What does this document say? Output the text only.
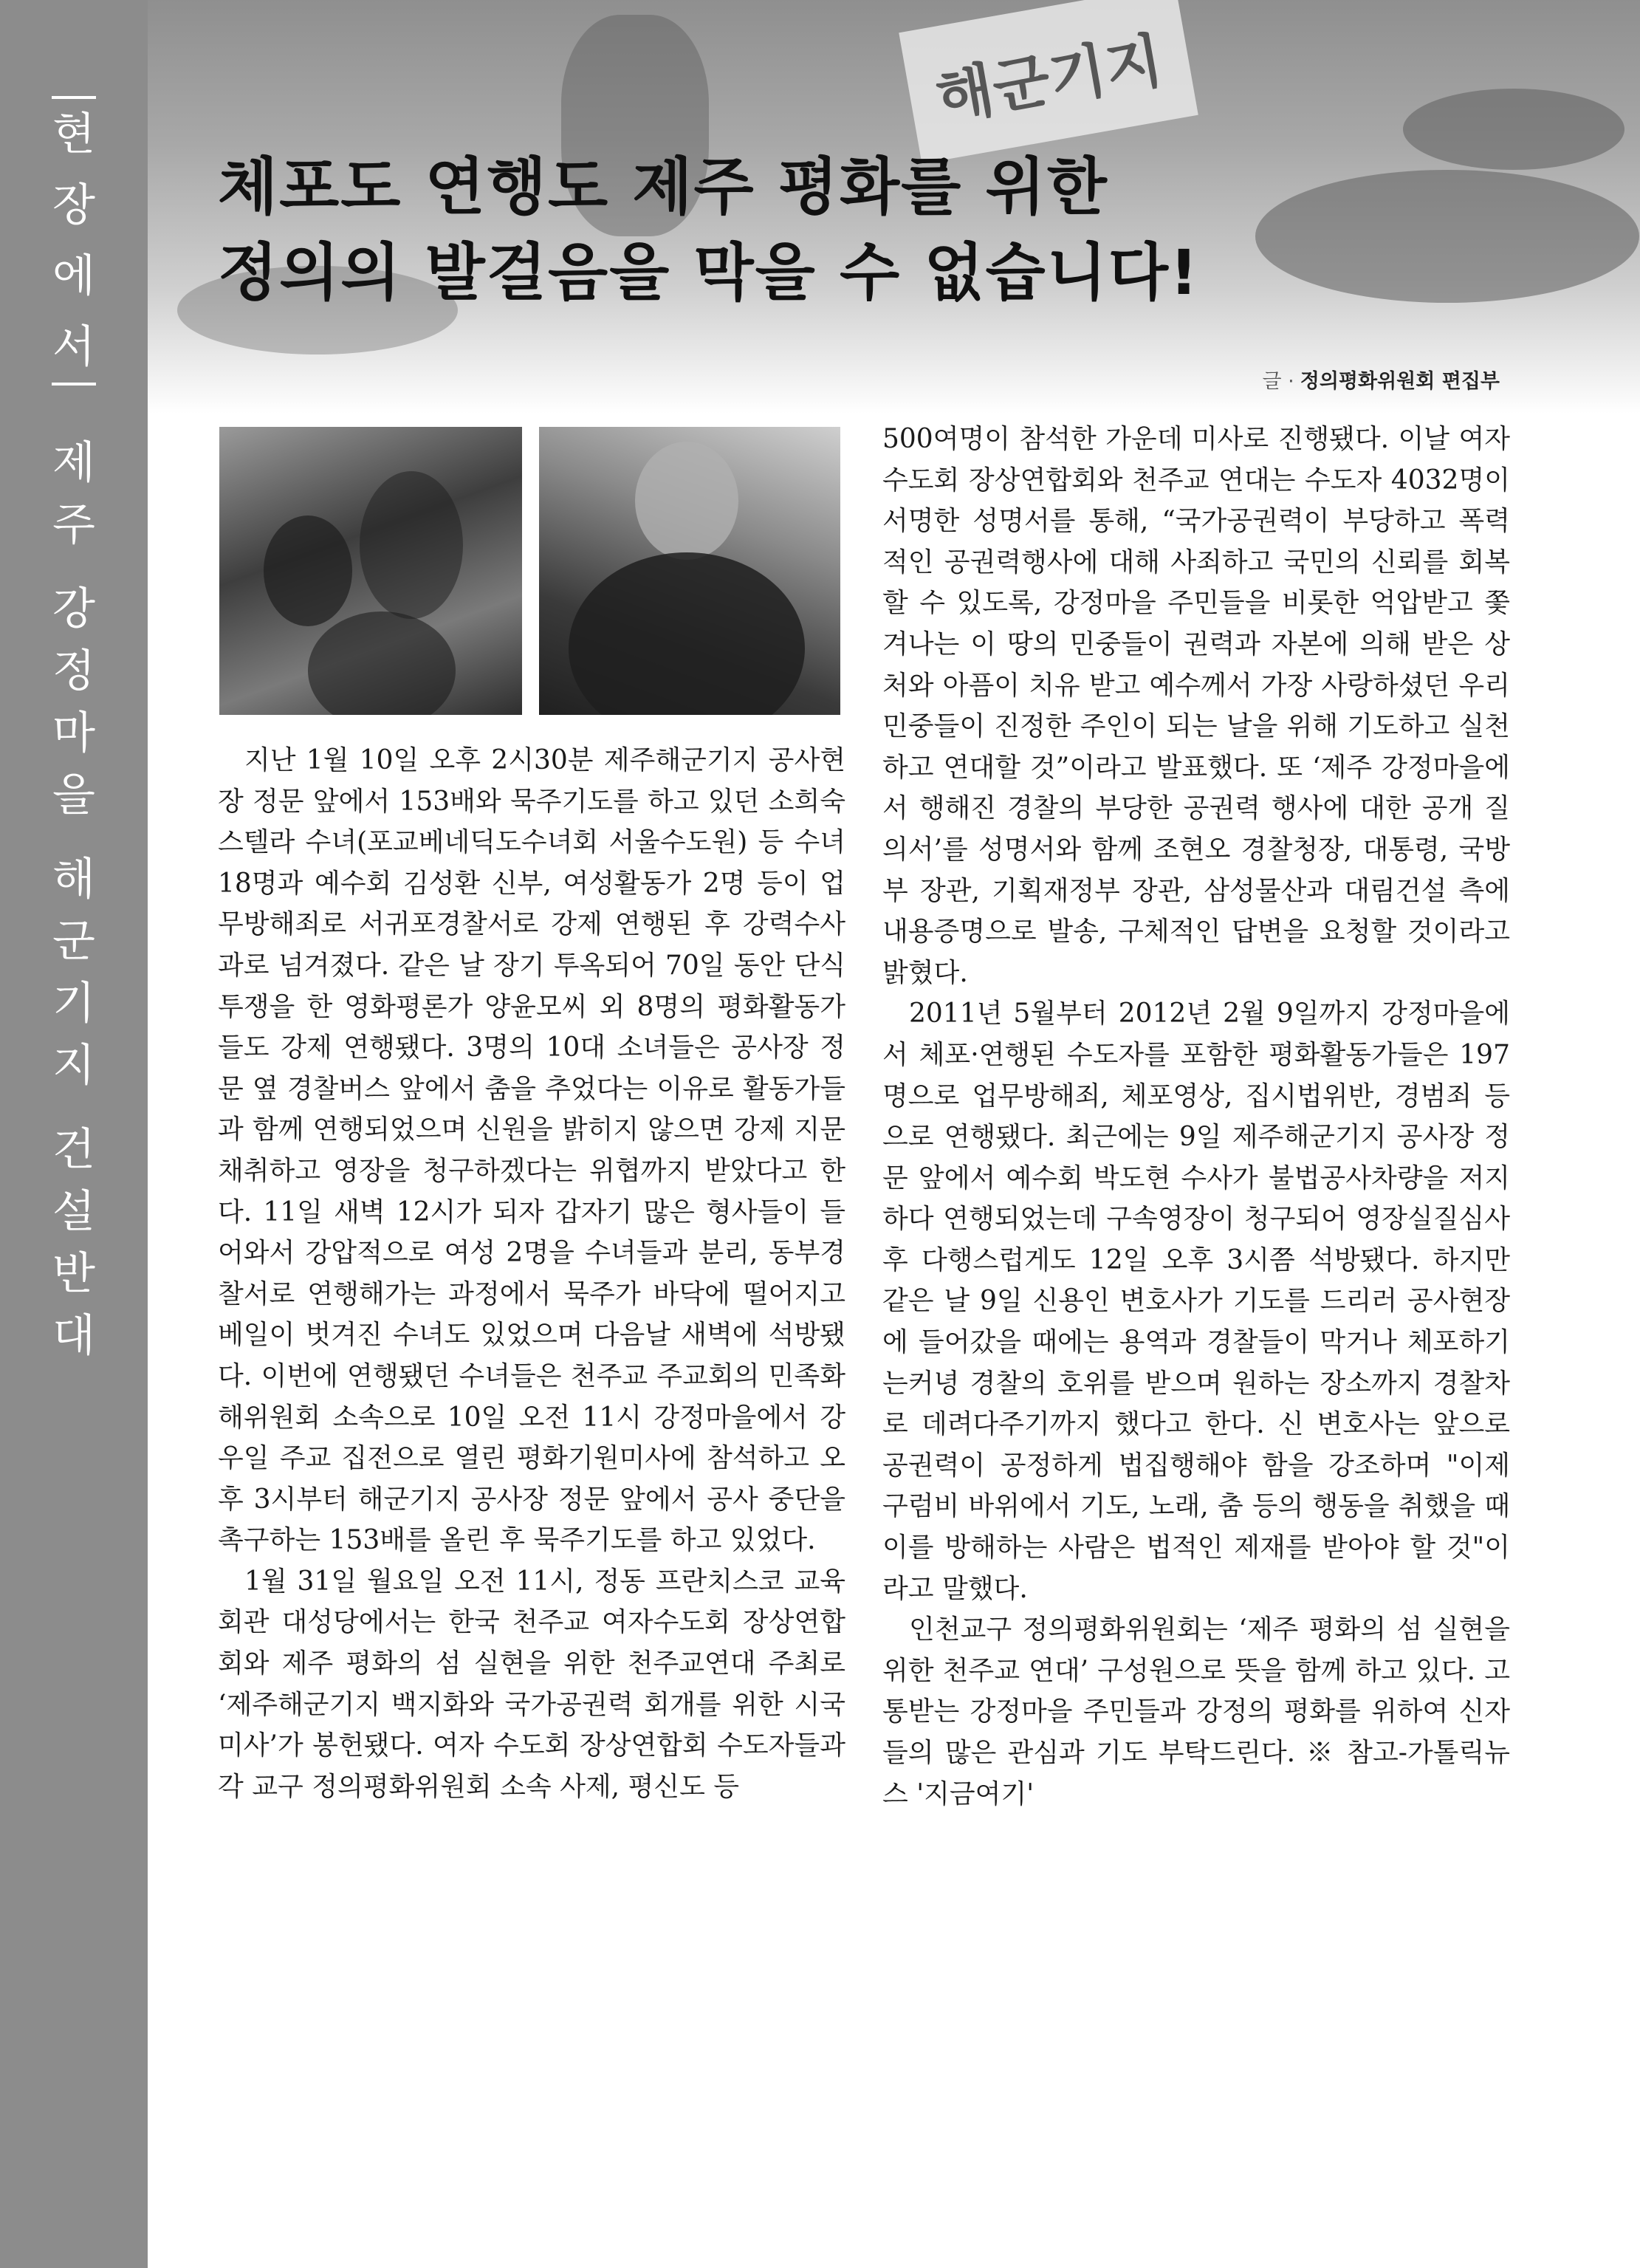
현
장
에
서
제
주
강
정
마
을
해
군
기
지
건
설
반
대
해군기지
체포도 연행도 제주 평화를 위한
정의의 발걸음을 막을 수 없습니다!
글 · 정의평화위원회 편집부

지난 1월 10일 오후 2시30분 제주해군기지 공사현장 정문 앞에서 153배와 묵주기도를 하고 있던 소희숙 스텔라 수녀(포교베네딕도수녀회 서울수도원) 등 수녀 18명과 예수회 김성환 신부, 여성활동가 2명 등이 업무방해죄로 서귀포경찰서로 강제 연행된 후 강력수사과로 넘겨졌다. 같은 날 장기 투옥되어 70일 동안 단식투쟁을 한 영화평론가 양윤모씨 외 8명의 평화활동가들도 강제 연행됐다. 3명의 10대 소녀들은 공사장 정문 옆 경찰버스 앞에서 춤을 추었다는 이유로 활동가들과 함께 연행되었으며 신원을 밝히지 않으면 강제 지문 채취하고 영장을 청구하겠다는 위협까지 받았다고 한다. 11일 새벽 12시가 되자 갑자기 많은 형사들이 들어와서 강압적으로 여성 2명을 수녀들과 분리, 동부경찰서로 연행해가는 과정에서 묵주가 바닥에 떨어지고 베일이 벗겨진 수녀도 있었으며 다음날 새벽에 석방됐다. 이번에 연행됐던 수녀들은 천주교 주교회의 민족화해위원회 소속으로 10일 오전 11시 강정마을에서 강우일 주교 집전으로 열린 평화기원미사에 참석하고 오후 3시부터 해군기지 공사장 정문 앞에서 공사 중단을 촉구하는 153배를 올린 후 묵주기도를 하고 있었다.

1월 31일 월요일 오전 11시, 정동 프란치스코 교육회관 대성당에서는 한국 천주교 여자수도회 장상연합회와 제주 평화의 섬 실현을 위한 천주교연대 주최로 ‘제주해군기지 백지화와 국가공권력 회개를 위한 시국미사’가 봉헌됐다. 여자 수도회 장상연합회 수도자들과 각 교구 정의평화위원회 소속 사제, 평신도 등

500여명이 참석한 가운데 미사로 진행됐다. 이날 여자 수도회 장상연합회와 천주교 연대는 수도자 4032명이 서명한 성명서를 통해, “국가공권력이 부당하고 폭력적인 공권력행사에 대해 사죄하고 국민의 신뢰를 회복할 수 있도록, 강정마을 주민들을 비롯한 억압받고 쫓겨나는 이 땅의 민중들이 권력과 자본에 의해 받은 상처와 아픔이 치유 받고 예수께서 가장 사랑하셨던 우리 민중들이 진정한 주인이 되는 날을 위해 기도하고 실천하고 연대할 것”이라고 발표했다. 또 ‘제주 강정마을에서 행해진 경찰의 부당한 공권력 행사에 대한 공개 질의서’를 성명서와 함께 조현오 경찰청장, 대통령, 국방부 장관, 기획재정부 장관, 삼성물산과 대림건설 측에 내용증명으로 발송, 구체적인 답변을 요청할 것이라고 밝혔다.

2011년 5월부터 2012년 2월 9일까지 강정마을에서 체포·연행된 수도자를 포함한 평화활동가들은 197명으로 업무방해죄, 체포영상, 집시법위반, 경범죄 등으로 연행됐다. 최근에는 9일 제주해군기지 공사장 정문 앞에서 예수회 박도현 수사가 불법공사차량을 저지하다 연행되었는데 구속영장이 청구되어 영장실질심사 후 다행스럽게도 12일 오후 3시쯤 석방됐다. 하지만 같은 날 9일 신용인 변호사가 기도를 드리러 공사현장에 들어갔을 때에는 용역과 경찰들이 막거나 체포하기는커녕 경찰의 호위를 받으며 원하는 장소까지 경찰차로 데려다주기까지 했다고 한다. 신 변호사는 앞으로 공권력이 공정하게 법집행해야 함을 강조하며 "이제 구럼비 바위에서 기도, 노래, 춤 등의 행동을 취했을 때 이를 방해하는 사람은 법적인 제재를 받아야 할 것"이라고 말했다.

인천교구 정의평화위원회는 ‘제주 평화의 섬 실현을 위한 천주교 연대’ 구성원으로 뜻을 함께 하고 있다. 고통받는 강정마을 주민들과 강정의 평화를 위하여 신자들의 많은 관심과 기도 부탁드린다. ※ 참고-가톨릭뉴스 '지금여기'
